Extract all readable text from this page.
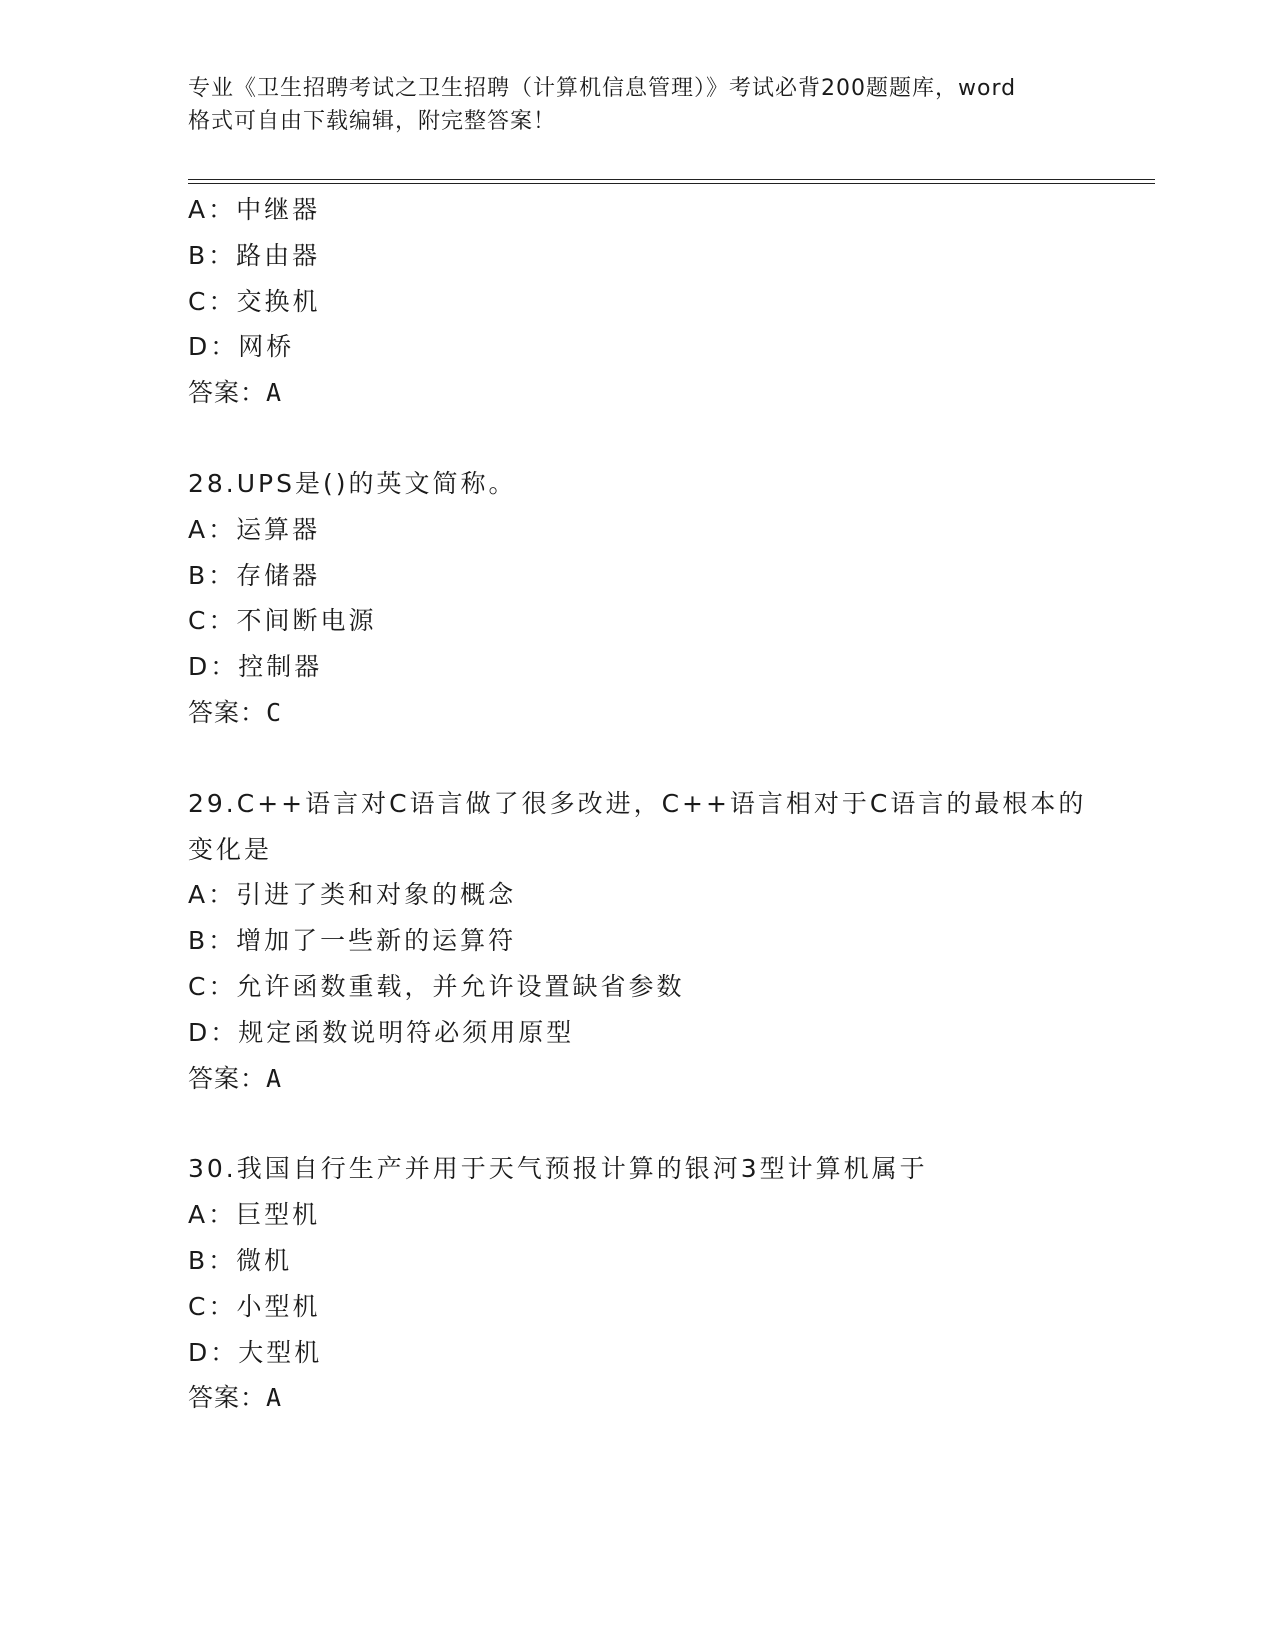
专业《卫生招聘考试之卫生招聘（计算机信息管理）》考试必背200题题库，word
格式可自由下载编辑，附完整答案！
A：中继器
B：路由器
C：交换机
D：网桥
答案：A
28.UPS是()的英文简称。
A：运算器
B：存储器
C：不间断电源
D：控制器
答案：C
29.C++语言对C语言做了很多改进，C++语言相对于C语言的最根本的
变化是
A：引进了类和对象的概念
B：增加了一些新的运算符
C：允许函数重载，并允许设置缺省参数
D：规定函数说明符必须用原型
答案：A
30.我国自行生产并用于天气预报计算的银河3型计算机属于
A：巨型机
B：微机
C：小型机
D：大型机
答案：A
